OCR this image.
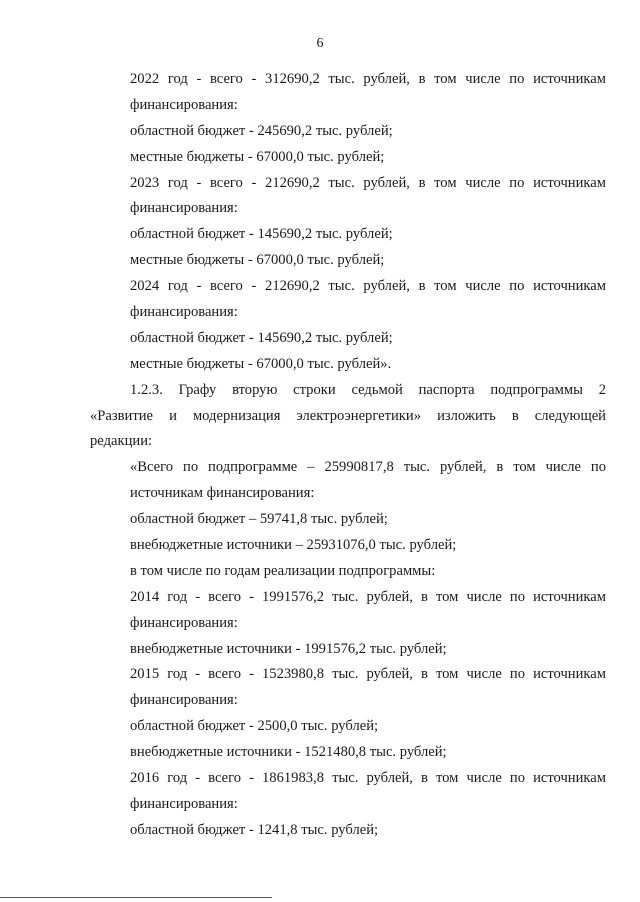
6
2022 год - всего - 312690,2 тыс. рублей, в том числе по источникам
финансирования:
областной бюджет - 245690,2 тыс. рублей;
местные бюджеты - 67000,0 тыс. рублей;
2023 год - всего - 212690,2 тыс. рублей, в том числе по источникам
финансирования:
областной бюджет - 145690,2 тыс. рублей;
местные бюджеты - 67000,0 тыс. рублей;
2024 год - всего - 212690,2 тыс. рублей, в том числе по источникам
финансирования:
областной бюджет - 145690,2 тыс. рублей;
местные бюджеты - 67000,0 тыс. рублей».
1.2.3. Графу вторую строки седьмой паспорта подпрограммы 2
«Развитие и модернизация электроэнергетики» изложить в следующей
редакции:
«Всего по подпрограмме – 25990817,8 тыс. рублей, в том числе по
источникам финансирования:
областной бюджет – 59741,8 тыс. рублей;
внебюджетные источники – 25931076,0 тыс. рублей;
в том числе по годам реализации подпрограммы:
2014 год - всего - 1991576,2 тыс. рублей, в том числе по источникам
финансирования:
внебюджетные источники - 1991576,2 тыс. рублей;
2015 год - всего - 1523980,8 тыс. рублей, в том числе по источникам
финансирования:
областной бюджет - 2500,0 тыс. рублей;
внебюджетные источники - 1521480,8 тыс. рублей;
2016 год - всего - 1861983,8 тыс. рублей, в том числе по источникам
финансирования:
областной бюджет - 1241,8 тыс. рублей;
